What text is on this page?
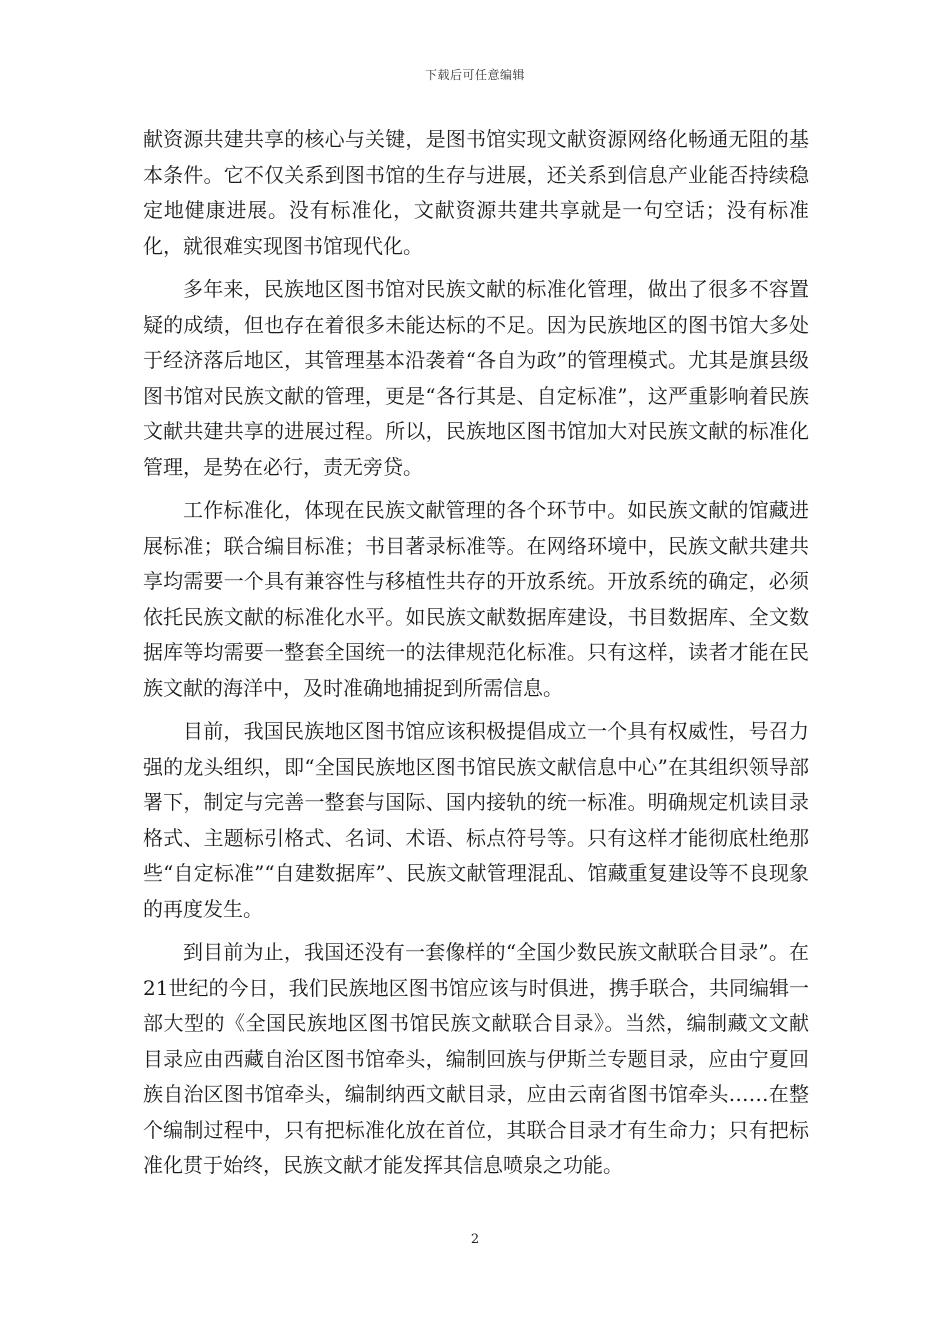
下载后可任意编辑

献资源共建共享的核心与关键，是图书馆实现文献资源网络化畅通无阻的基本条件。它不仅关系到图书馆的生存与进展，还关系到信息产业能否持续稳定地健康进展。没有标准化，文献资源共建共享就是一句空话；没有标准化，就很难实现图书馆现代化。

多年来，民族地区图书馆对民族文献的标准化管理，做出了很多不容置疑的成绩，但也存在着很多未能达标的不足。因为民族地区的图书馆大多处于经济落后地区，其管理基本沿袭着“各自为政”的管理模式。尤其是旗县级图书馆对民族文献的管理，更是“各行其是、自定标准”，这严重影响着民族文献共建共享的进展过程。所以，民族地区图书馆加大对民族文献的标准化管理，是势在必行，责无旁贷。

工作标准化，体现在民族文献管理的各个环节中。如民族文献的馆藏进展标准；联合编目标准；书目著录标准等。在网络环境中，民族文献共建共享均需要一个具有兼容性与移植性共存的开放系统。开放系统的确定，必须依托民族文献的标准化水平。如民族文献数据库建设，书目数据库、全文数据库等均需要一整套全国统一的法律规范化标准。只有这样，读者才能在民族文献的海洋中，及时准确地捕捉到所需信息。

目前，我国民族地区图书馆应该积极提倡成立一个具有权威性，号召力强的龙头组织，即“全国民族地区图书馆民族文献信息中心”在其组织领导部署下，制定与完善一整套与国际、国内接轨的统一标准。明确规定机读目录格式、主题标引格式、名词、术语、标点符号等。只有这样才能彻底杜绝那些“自定标准”“自建数据库”、民族文献管理混乱、馆藏重复建设等不良现象的再度发生。

到目前为止，我国还没有一套像样的“全国少数民族文献联合目录”。在21世纪的今日，我们民族地区图书馆应该与时俱进，携手联合，共同编辑一部大型的《全国民族地区图书馆民族文献联合目录》。当然，编制藏文文献目录应由西藏自治区图书馆牵头，编制回族与伊斯兰专题目录，应由宁夏回族自治区图书馆牵头，编制纳西文献目录，应由云南省图书馆牵头……在整个编制过程中，只有把标准化放在首位，其联合目录才有生命力；只有把标准化贯于始终，民族文献才能发挥其信息喷泉之功能。

2
